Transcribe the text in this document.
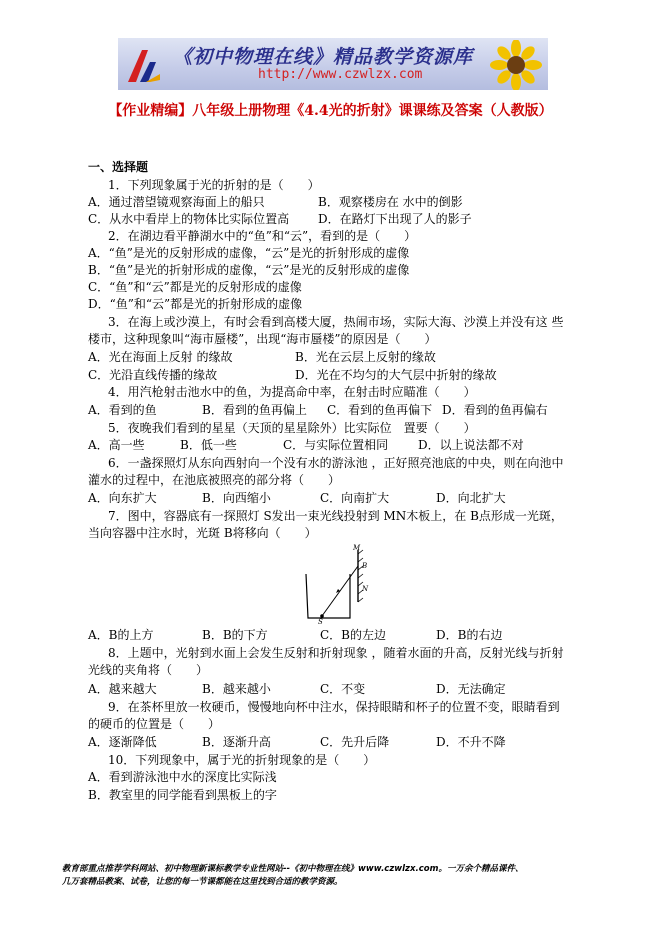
《初中物理在线》精品教学资源库
http://www.czwlzx.com
【作业精编】八年级上册物理《4.4光的折射》课课练及答案（人教版）
一、选择题
1．下列现象属于光的折射的是（　　）
A．通过潜望镜观察海面上的船只	B．观察楼房在 水中的倒影
C．从水中看岸上的物体比实际位置高 D．在路灯下出现了人的影子
2．在湖边看平静湖水中的“鱼”和“云”，看到的是（　　）
A．“鱼”是光的反射形成的虚像，“云”是光的折射形成的虚像
B．“鱼”是光的折射形成的虚像，“云”是光的反射形成的虚像
C．“鱼”和“云”都是光的反射形成的虚像
D．“鱼”和“云”都是光的折射形成的虚像
3．在海上或沙漠上，有时会看到高楼大厦，热闹市场，实际大海、沙漠上并没有这 些
楼市，这种现象叫“海市蜃楼”，出现“海市蜃楼”的原因是（　　）
A．光在海面上反射 的缘故	B．光在云层上反射的缘故
C．光沿直线传播的缘故	D．光在不均匀的大气层中折射的缘故
4．用汽枪射击池水中的鱼，为提高命中率，在射击时应瞄准（　　）
A．看到的鱼	B．看到的鱼再偏上 C．看到的鱼再偏下 D．看到的鱼再偏右
5．夜晚我们看到的星星（天顶的星星除外）比实际位　置要（　　）
A．高一些	B．低一些	C．与实际位置相同 D．以上说法都不对
6．一盏探照灯从东向西射向一个没有水的游泳池 ，正好照亮池底的中央，则在向池中
灌水的过程中，在池底被照亮的部分将（　　）
A．向东扩大	B．向西缩小	C．向南扩大	D．向北扩大
7．图中，容器底有一探照灯 S发出一束光线投射到 MN木板上，在 B点形成一光斑，
当向容器中注水时，光斑 B将移向（　　）
M
B
N
S
A．B的上方	B．B的下方	C．B的左边	D．B的右边
8．上题中，光射到水面上会发生反射和折射现象 ，随着水面的升高，反射光线与折射
光线的夹角将（　　）
A．越来越大	B．越来越小	C．不变	D．无法确定
9．在茶杯里放一枚硬币，慢慢地向杯中注水，保持眼睛和杯子的位置不变，眼睛看到
的硬币的位置是（　　）
A．逐渐降低	B．逐渐升高	C．先升后降	D．不升不降
10．下列现象中，属于光的折射现象的是（　　）
A．看到游泳池中水的深度比实际浅
B．教室里的同学能看到黑板上的字
教育部重点推荐学科网站、初中物理新课标教学专业性网站--《初中物理在线》www.czwlzx.com。一万余个精品课件、
几万套精品教案、试卷，让您的每一节课都能在这里找到合适的教学资源。
